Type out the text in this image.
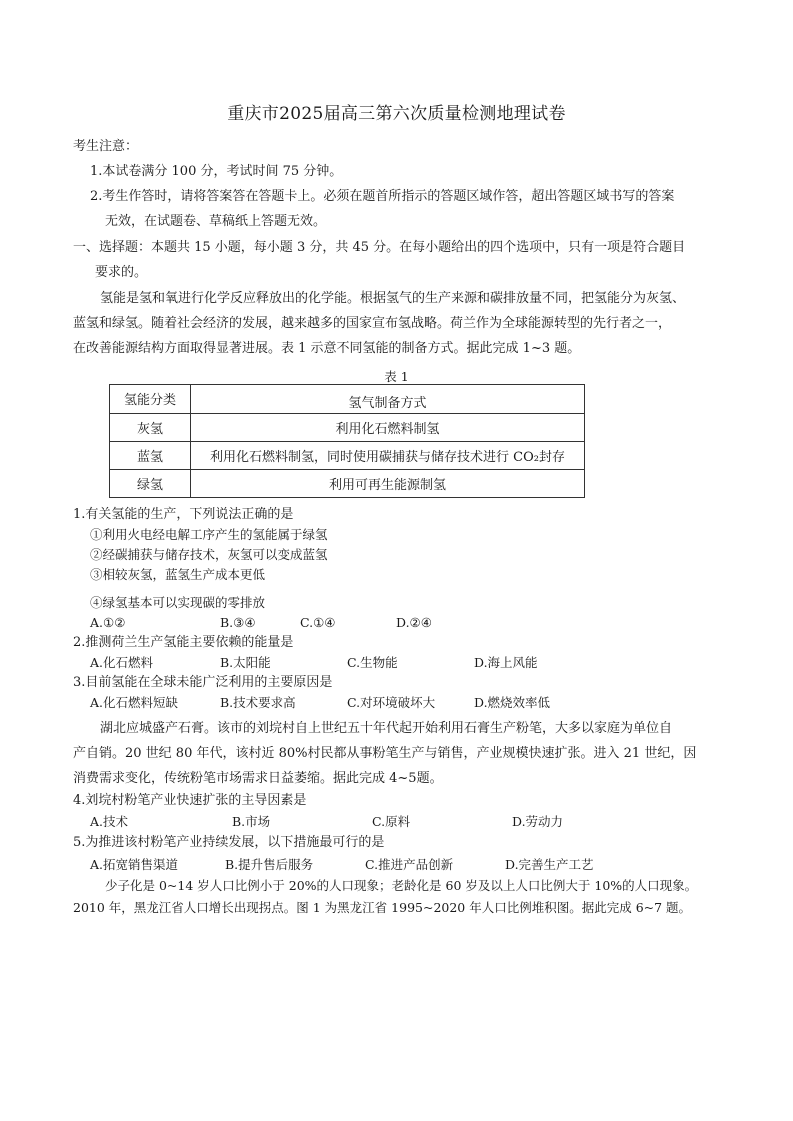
重庆市2025届高三第六次质量检测地理试卷
考生注意：
1.本试卷满分 100 分，考试时间 75 分钟。
2.考生作答时，请将答案答在答题卡上。必须在题首所指示的答题区域作答，超出答题区域书写的答案
无效，在试题卷、草稿纸上答题无效。
一、选择题：本题共 15 小题，每小题 3 分，共 45 分。在每小题给出的四个选项中，只有一项是符合题目
要求的。
氢能是氢和氧进行化学反应释放出的化学能。根据氢气的生产来源和碳排放量不同，把氢能分为灰氢、
蓝氢和绿氢。随着社会经济的发展，越来越多的国家宣布氢战略。荷兰作为全球能源转型的先行者之一，
在改善能源结构方面取得显著进展。表 1 示意不同氢能的制备方式。据此完成 1~3 题。
表 1
氢能分类	氢气制备方式
灰氢	利用化石燃料制氢
蓝氢	利用化石燃料制氢，同时使用碳捕获与储存技术进行 CO₂封存
绿氢	利用可再生能源制氢
1.有关氢能的生产，下列说法正确的是
①利用火电经电解工序产生的氢能属于绿氢
②经碳捕获与储存技术，灰氢可以变成蓝氢
③相较灰氢，蓝氢生产成本更低
④绿氢基本可以实现碳的零排放
A.①②	B.③④	C.①④	D.②④
2.推测荷兰生产氢能主要依赖的能量是
A.化石燃料	B.太阳能	C.生物能	D.海上风能
3.目前氢能在全球未能广泛利用的主要原因是
A.化石燃料短缺	B.技术要求高	C.对环境破坏大	D.燃烧效率低
湖北应城盛产石膏。该市的刘垸村自上世纪五十年代起开始利用石膏生产粉笔，大多以家庭为单位自
产自销。20 世纪 80 年代，该村近 80%村民都从事粉笔生产与销售，产业规模快速扩张。进入 21 世纪，因
消费需求变化，传统粉笔市场需求日益萎缩。据此完成 4~5题。
4.刘垸村粉笔产业快速扩张的主导因素是
A.技术	B.市场	C.原料	D.劳动力
5.为推进该村粉笔产业持续发展，以下措施最可行的是
A.拓宽销售渠道	B.提升售后服务	C.推进产品创新	D.完善生产工艺
少子化是 0~14 岁人口比例小于 20%的人口现象；老龄化是 60 岁及以上人口比例大于 10%的人口现象。
2010 年，黑龙江省人口增长出现拐点。图 1 为黑龙江省 1995~2020 年人口比例堆积图。据此完成 6~7 题。
